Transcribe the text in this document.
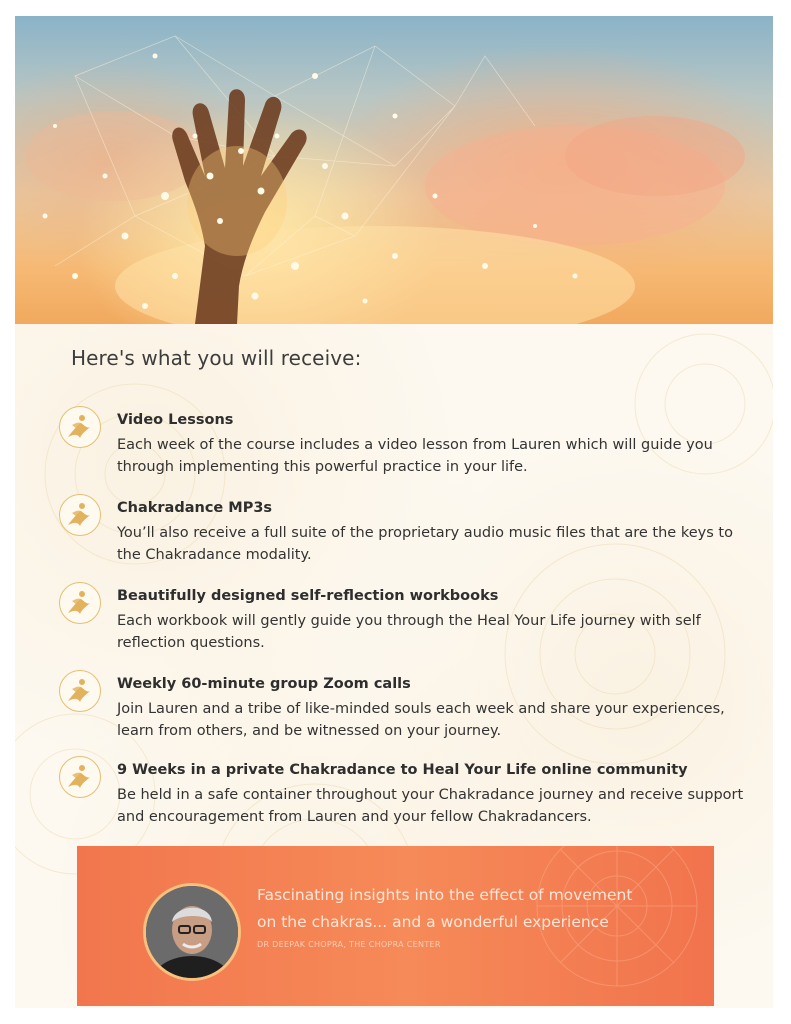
Here's what you will receive:
Video Lessons

Each week of the course includes a video lesson from Lauren which will guide you through implementing this powerful practice in your life.

Chakradance MP3s

You’ll also receive a full suite of the proprietary audio music files that are the keys to the Chakradance modality.

Beautifully designed self-reflection workbooks

Each workbook will gently guide you through the Heal Your Life journey with self reflection questions.

Weekly 60-minute group Zoom calls

Join Lauren and a tribe of like-minded souls each week and share your experiences, learn from others, and be witnessed on your journey.

9 Weeks in a private Chakradance to Heal Your Life online community

Be held in a safe container throughout your Chakradance journey and receive support and encouragement from Lauren and your fellow Chakradancers.

Fascinating insights into the effect of movement
on the chakras... and a wonderful experience

DR DEEPAK CHOPRA, THE CHOPRA CENTER
